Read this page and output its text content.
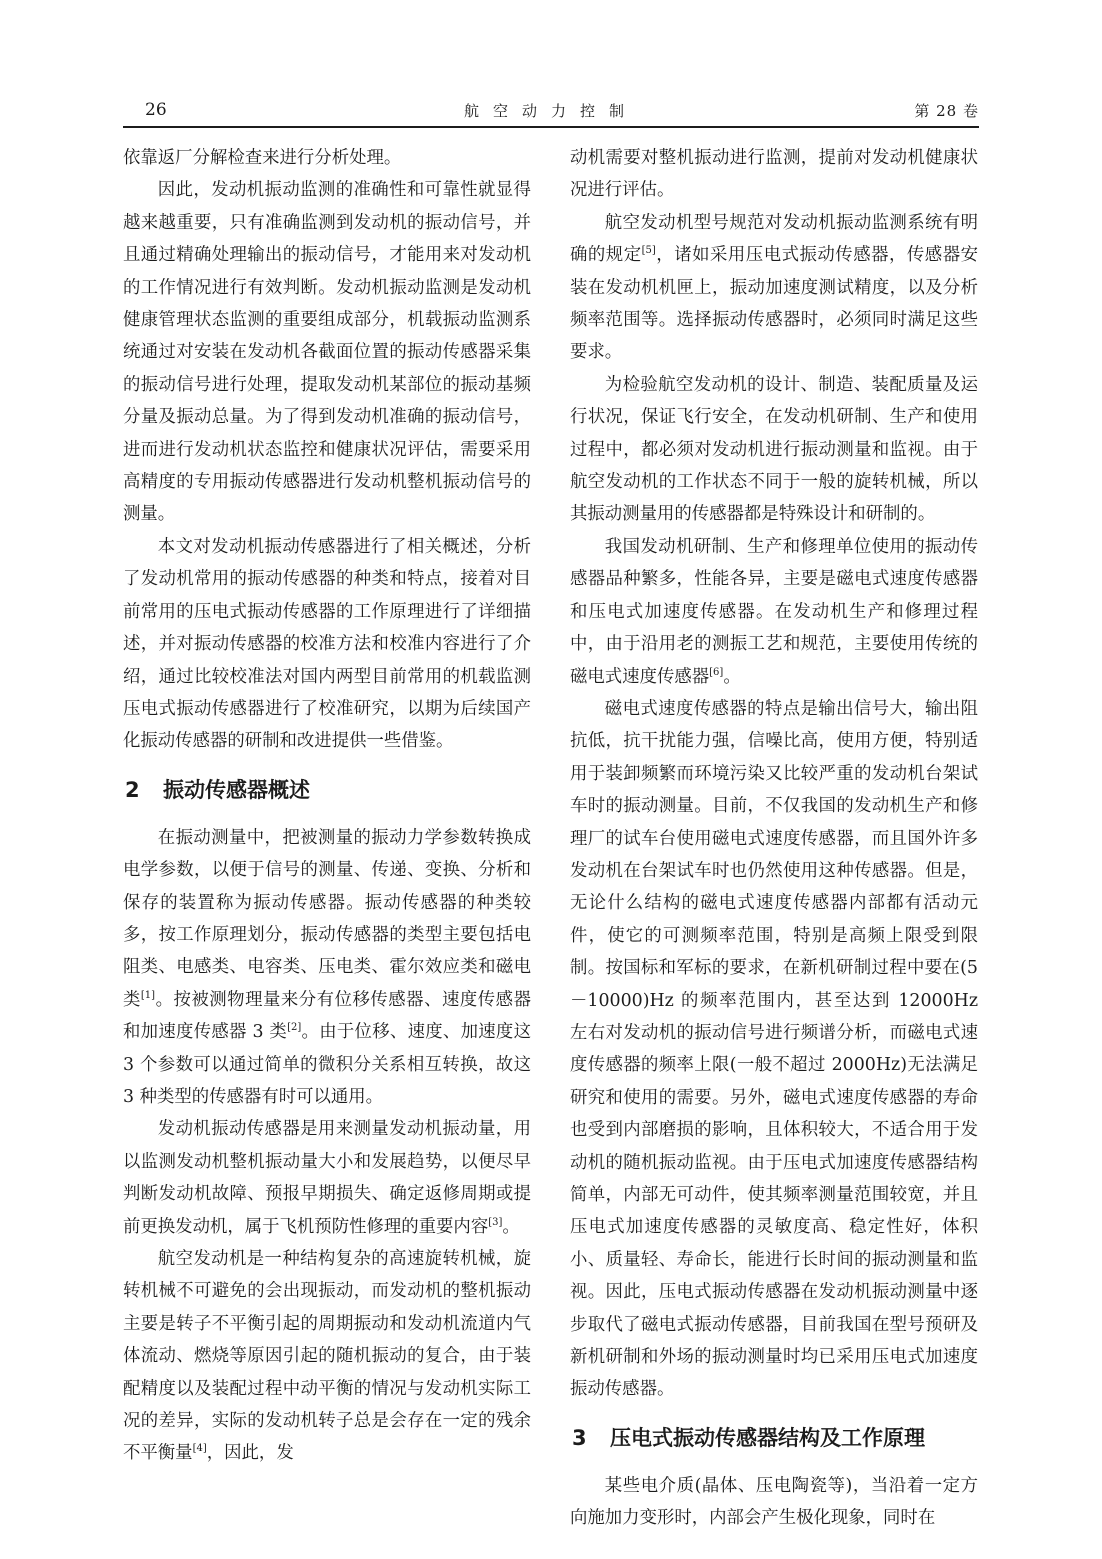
26	航空动力控制	第 28 卷

依靠返厂分解检查来进行分析处理。

因此，发动机振动监测的准确性和可靠性就显得越来越重要，只有准确监测到发动机的振动信号，并且通过精确处理输出的振动信号，才能用来对发动机的工作情况进行有效判断。发动机振动监测是发动机健康管理状态监测的重要组成部分，机载振动监测系统通过对安装在发动机各截面位置的振动传感器采集的振动信号进行处理，提取发动机某部位的振动基频分量及振动总量。为了得到发动机准确的振动信号，进而进行发动机状态监控和健康状况评估，需要采用高精度的专用振动传感器进行发动机整机振动信号的测量。

本文对发动机振动传感器进行了相关概述，分析了发动机常用的振动传感器的种类和特点，接着对目前常用的压电式振动传感器的工作原理进行了详细描述，并对振动传感器的校准方法和校准内容进行了介绍，通过比较校准法对国内两型目前常用的机载监测压电式振动传感器进行了校准研究，以期为后续国产化振动传感器的研制和改进提供一些借鉴。

2 振动传感器概述

在振动测量中，把被测量的振动力学参数转换成电学参数，以便于信号的测量、传递、变换、分析和保存的装置称为振动传感器。振动传感器的种类较多，按工作原理划分，振动传感器的类型主要包括电阻类、电感类、电容类、压电类、霍尔效应类和磁电类[1]。按被测物理量来分有位移传感器、速度传感器和加速度传感器 3 类[2]。由于位移、速度、加速度这 3 个参数可以通过简单的微积分关系相互转换，故这 3 种类型的传感器有时可以通用。

发动机振动传感器是用来测量发动机振动量，用以监测发动机整机振动量大小和发展趋势，以便尽早判断发动机故障、预报早期损失、确定返修周期或提前更换发动机，属于飞机预防性修理的重要内容[3]。

航空发动机是一种结构复杂的高速旋转机械，旋转机械不可避免的会出现振动，而发动机的整机振动主要是转子不平衡引起的周期振动和发动机流道内气体流动、燃烧等原因引起的随机振动的复合，由于装配精度以及装配过程中动平衡的情况与发动机实际工况的差异，实际的发动机转子总是会存在一定的残余不平衡量[4]，因此，发

动机需要对整机振动进行监测，提前对发动机健康状况进行评估。

航空发动机型号规范对发动机振动监测系统有明确的规定[5]，诸如采用压电式振动传感器，传感器安装在发动机机匣上，振动加速度测试精度，以及分析频率范围等。选择振动传感器时，必须同时满足这些要求。

为检验航空发动机的设计、制造、装配质量及运行状况，保证飞行安全，在发动机研制、生产和使用过程中，都必须对发动机进行振动测量和监视。由于航空发动机的工作状态不同于一般的旋转机械，所以其振动测量用的传感器都是特殊设计和研制的。

我国发动机研制、生产和修理单位使用的振动传感器品种繁多，性能各异，主要是磁电式速度传感器和压电式加速度传感器。在发动机生产和修理过程中，由于沿用老的测振工艺和规范，主要使用传统的磁电式速度传感器[6]。

磁电式速度传感器的特点是输出信号大，输出阻抗低，抗干扰能力强，信噪比高，使用方便，特别适用于装卸频繁而环境污染又比较严重的发动机台架试车时的振动测量。目前，不仅我国的发动机生产和修理厂的试车台使用磁电式速度传感器，而且国外许多发动机在台架试车时也仍然使用这种传感器。但是，无论什么结构的磁电式速度传感器内部都有活动元件，使它的可测频率范围，特别是高频上限受到限制。按国标和军标的要求，在新机研制过程中要在(5－10000)Hz 的频率范围内，甚至达到 12000Hz 左右对发动机的振动信号进行频谱分析，而磁电式速度传感器的频率上限(一般不超过 2000Hz)无法满足研究和使用的需要。另外，磁电式速度传感器的寿命也受到内部磨损的影响，且体积较大，不适合用于发动机的随机振动监视。由于压电式加速度传感器结构简单，内部无可动件，使其频率测量范围较宽，并且压电式加速度传感器的灵敏度高、稳定性好，体积小、质量轻、寿命长，能进行长时间的振动测量和监视。因此，压电式振动传感器在发动机振动测量中逐步取代了磁电式振动传感器，目前我国在型号预研及新机研制和外场的振动测量时均已采用压电式加速度振动传感器。

3 压电式振动传感器结构及工作原理

某些电介质(晶体、压电陶瓷等)，当沿着一定方向施加力变形时，内部会产生极化现象，同时在
